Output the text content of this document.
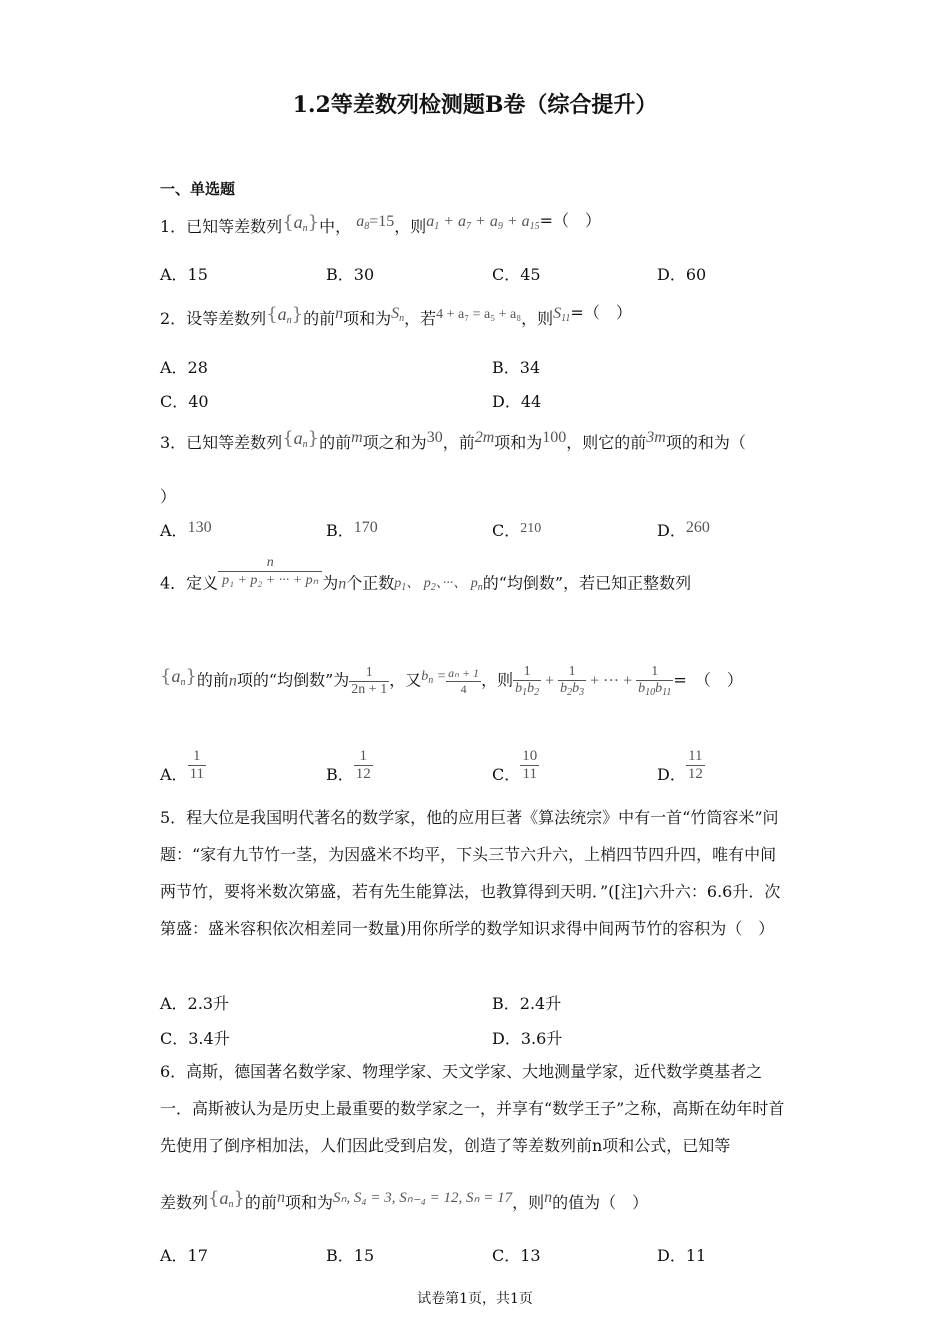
1.2等差数列检测题B卷（综合提升）
一、单选题
1．已知等差数列$\{a_n\}$中， $a_8=15$，则$a_1 + a_7 + a_9 + a_{15}=$（　）
A．15	B．30	C．45	D．60
2．设等差数列$\{a_n\}$的前n项和为$S_n$，若4 + a₇ = a₅ + a₈，则$S_{11}=$（　）
A．28	B．34
C．40	D．44
3．已知等差数列$\{a_n\}$的前m项之和为30，前2m项和为100，则它的前3m项的和为（
）
A．130	B．170	C．210	D．260
4．定义 $\frac{n}{\text{p₁ + p₂ + ··· + pₙ}}$ 为n个正数$p_1$、 $p_2$、···、 $p_n$的“均倒数”，若已知正整数列
$\{a_n\}$的前n项的“均倒数”为 $\frac{1}{2n + 1}$ ，又$b_n = \frac{\text{aₙ + 1}}{4}$ ，则 $\frac{1}{b_1b_2} + \frac{1}{b_2b_3}$ + ··· + $\frac{1}{b_{10}b_{11}}$ =　（　）
A． $\frac{1}{11}$	B． $\frac{1}{12}$	C． $\frac{10}{11}$	D． $\frac{11}{12}$
5．程大位是我国明代著名的数学家，他的应用巨著《算法统宗》中有一首“竹筒容米”问题：“家有九节竹一茎，为因盛米不均平，下头三节六升六，上梢四节四升四，唯有中间两节竹，要将米数次第盛，若有先生能算法，也教算得到天明．”([注]六升六：6.6升．次第盛：盛米容积依次相差同一数量)用你所学的数学知识求得中间两节竹的容积为（　）
A．2.3升	B．2.4升
C．3.4升	D．3.6升
6．高斯，德国著名数学家、物理学家、天文学家、大地测量学家，近代数学奠基者之一．高斯被认为是历史上最重要的数学家之一，并享有“数学王子”之称，高斯在幼年时首先使用了倒序相加法，人们因此受到启发，创造了等差数列前n项和公式，已知等
差数列$\{a_n\}$的前n项和为Sₙ, S₄ = 3, Sₙ₋₄ = 12, Sₙ = 17，则n的值为（　）
A．17	B．15	C．13	D．11
试卷第1页，共1页
